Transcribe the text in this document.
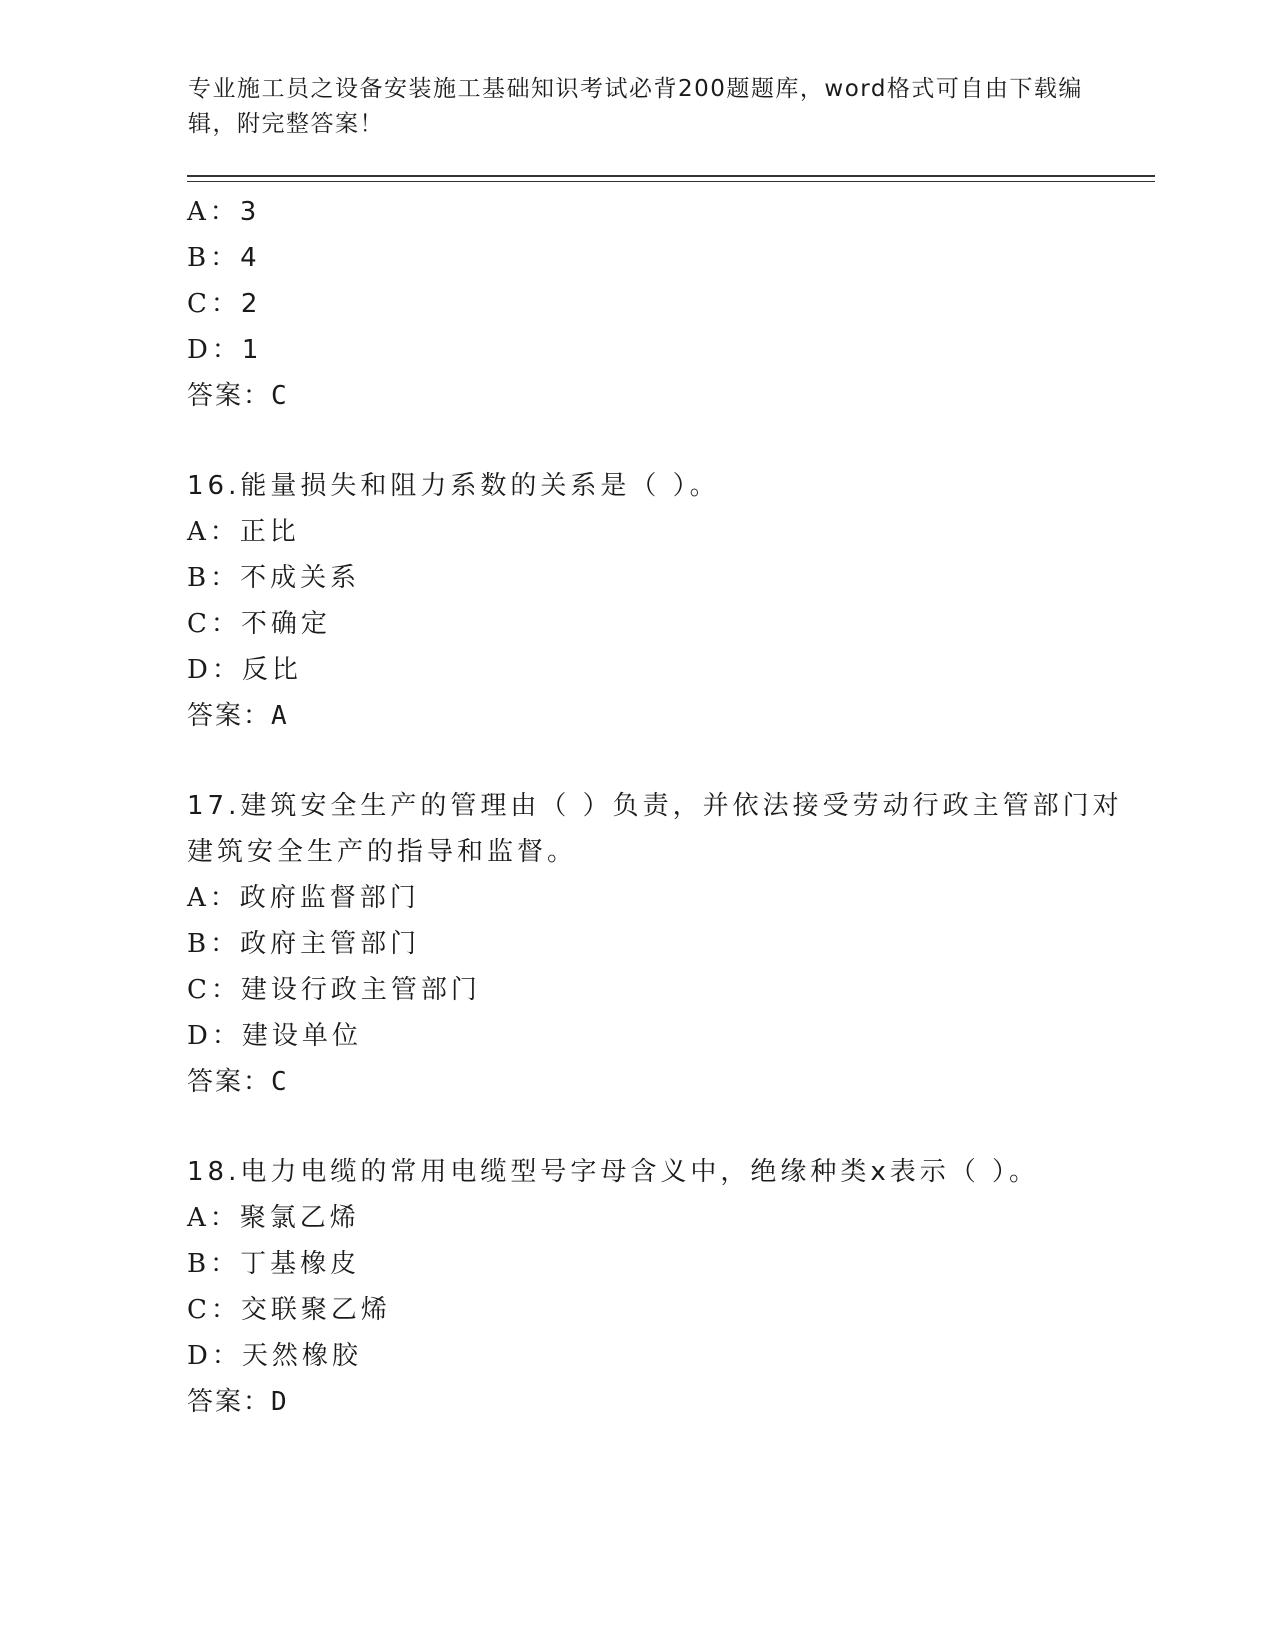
专业施工员之设备安装施工基础知识考试必背200题题库，word格式可自由下载编辑，附完整答案！
A：3
B：4
C：2
D：1
答案：C
16.能量损失和阻力系数的关系是（ ）。
A：正比
B：不成关系
C：不确定
D：反比
答案：A
17.建筑安全生产的管理由（ ）负责，并依法接受劳动行政主管部门对建筑安全生产的指导和监督。
A：政府监督部门
B：政府主管部门
C：建设行政主管部门
D：建设单位
答案：C
18.电力电缆的常用电缆型号字母含义中，绝缘种类x表示（ ）。
A：聚氯乙烯
B：丁基橡皮
C：交联聚乙烯
D：天然橡胶
答案：D
